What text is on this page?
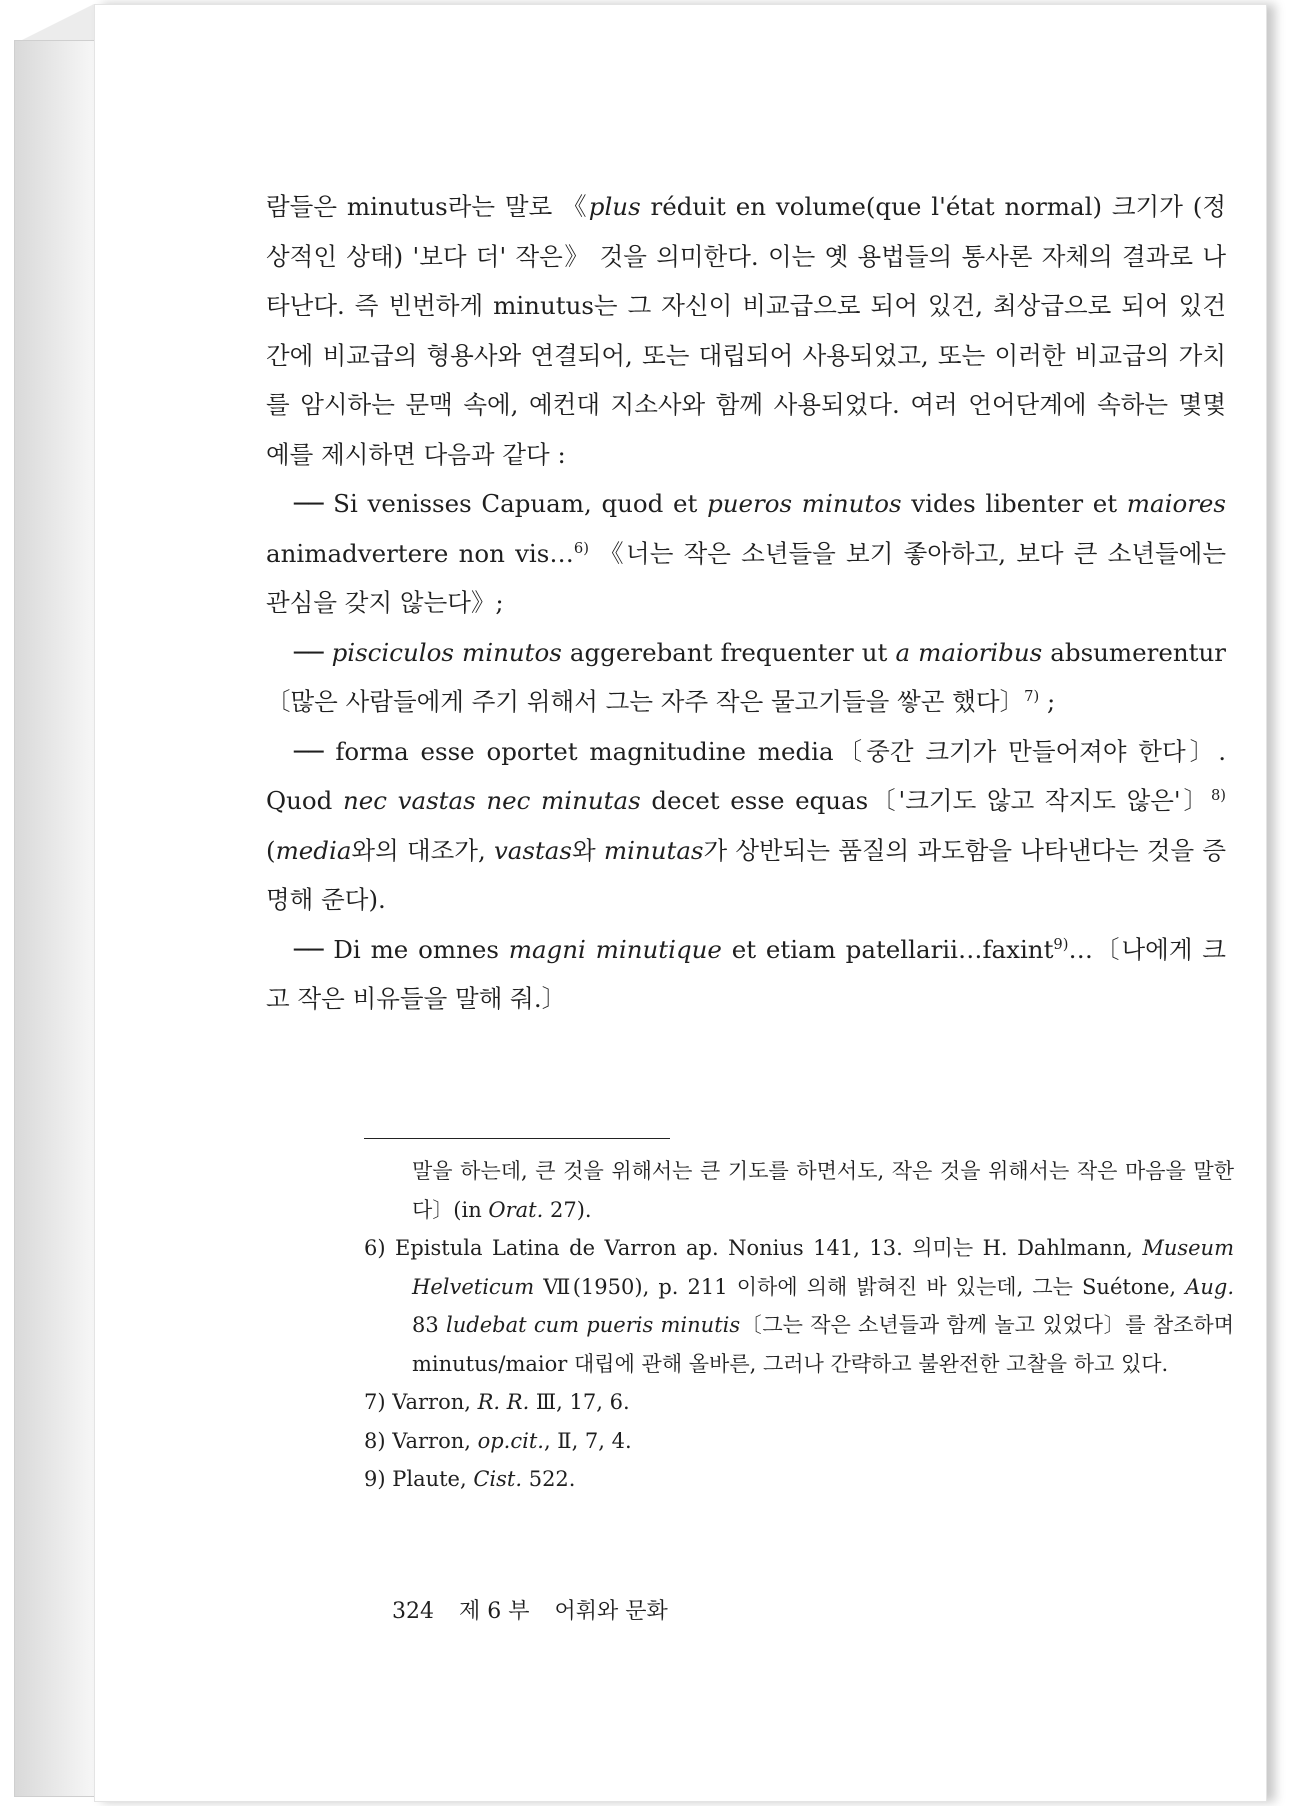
람들은 minutus라는 말로 《plus réduit en volume(que l'état normal) 크기가 (정상적인 상태) '보다 더' 작은》 것을 의미한다. 이는 옛 용법들의 통사론 자체의 결과로 나타난다. 즉 빈번하게 minutus는 그 자신이 비교급으로 되어 있건, 최상급으로 되어 있건 간에 비교급의 형용사와 연결되어, 또는 대립되어 사용되었고, 또는 이러한 비교급의 가치를 암시하는 문맥 속에, 예컨대 지소사와 함께 사용되었다. 여러 언어단계에 속하는 몇몇 예를 제시하면 다음과 같다 :

── Si venisses Capuam, quod et pueros minutos vides libenter et maiores animadvertere non vis…$^{6)}$ 《너는 작은 소년들을 보기 좋아하고, 보다 큰 소년들에는 관심을 갖지 않는다》;

── pisciculos minutos aggerebant frequenter ut a maioribus absumerentur〔많은 사람들에게 주기 위해서 그는 자주 작은 물고기들을 쌓곤 했다〕$^{7)}$ ;

── forma esse oportet magnitudine media〔중간 크기가 만들어져야 한다〕. Quod nec vastas nec minutas decet esse equas〔'크기도 않고 작지도 않은'〕$^{8)}$ (media와의 대조가, vastas와 minutas가 상반되는 품질의 과도함을 나타낸다는 것을 증명해 준다).

── Di me omnes magni minutique et etiam patellarii…faxint$^{9)}$…〔나에게 크고 작은 비유들을 말해 줘.〕

말을 하는데, 큰 것을 위해서는 큰 기도를 하면서도, 작은 것을 위해서는 작은 마음을 말한다〕(in Orat. 27).

6) Epistula Latina de Varron ap. Nonius 141, 13. 의미는 H. Dahlmann, Museum Helveticum Ⅶ(1950), p. 211 이하에 의해 밝혀진 바 있는데, 그는 Suétone, Aug. 83 ludebat cum pueris minutis〔그는 작은 소년들과 함께 놀고 있었다〕를 참조하며 minutus/maior 대립에 관해 올바른, 그러나 간략하고 불완전한 고찰을 하고 있다.

7) Varron, R. R. Ⅲ, 17, 6.

8) Varron, op.cit., Ⅱ, 7, 4.

9) Plaute, Cist. 522.

324 제 6 부 어휘와 문화
